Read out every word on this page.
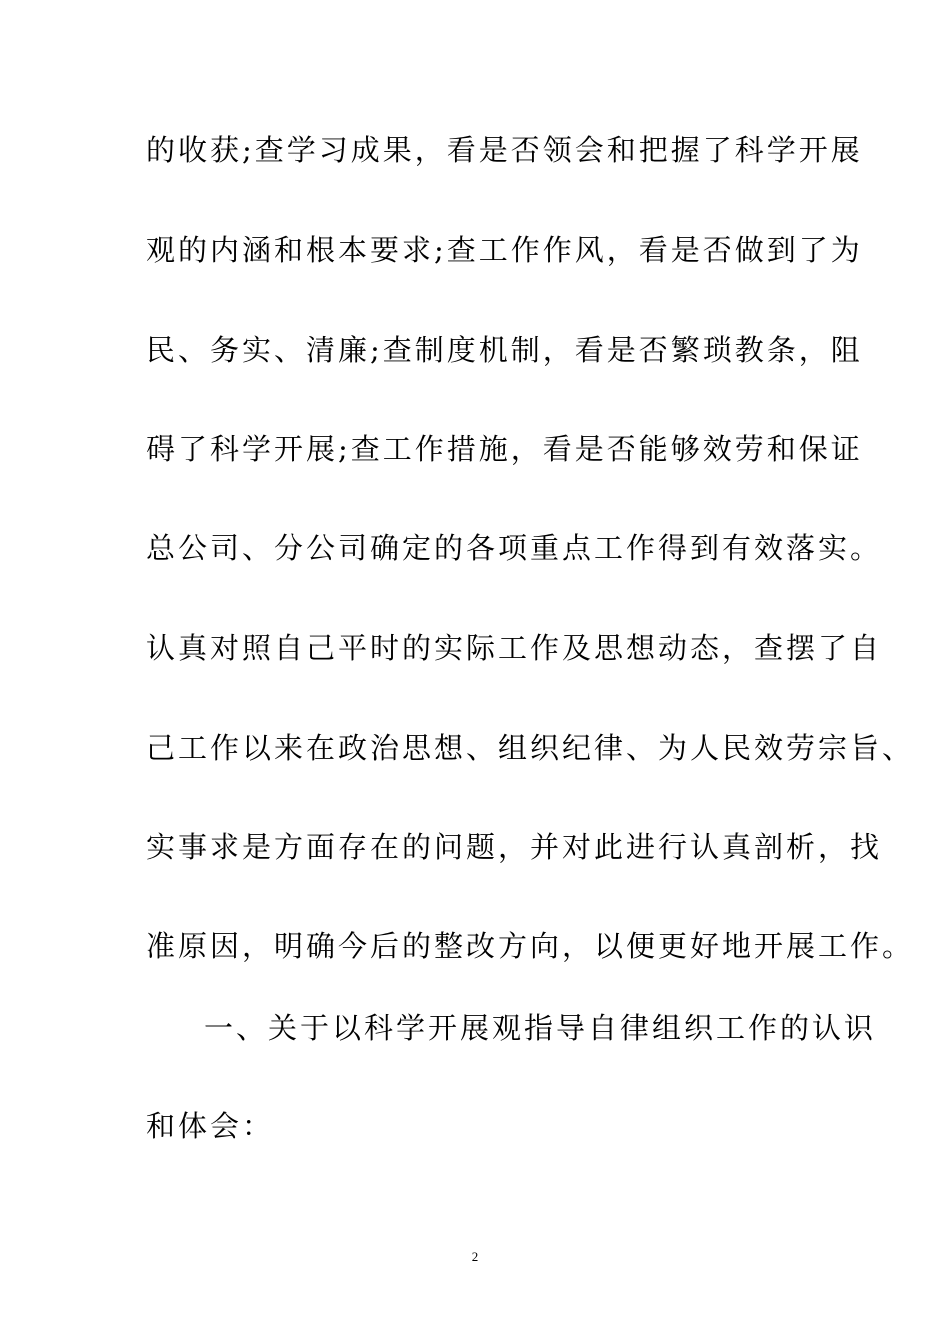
的收获;查学习成果，看是否领会和把握了科学开展
观的内涵和根本要求;查工作作风，看是否做到了为
民、务实、清廉;查制度机制，看是否繁琐教条，阻
碍了科学开展;查工作措施，看是否能够效劳和保证
总公司、分公司确定的各项重点工作得到有效落实。
认真对照自己平时的实际工作及思想动态，查摆了自
己工作以来在政治思想、组织纪律、为人民效劳宗旨、
实事求是方面存在的问题，并对此进行认真剖析，找
准原因，明确今后的整改方向，以便更好地开展工作。
一、关于以科学开展观指导自律组织工作的认识
和体会：
2
